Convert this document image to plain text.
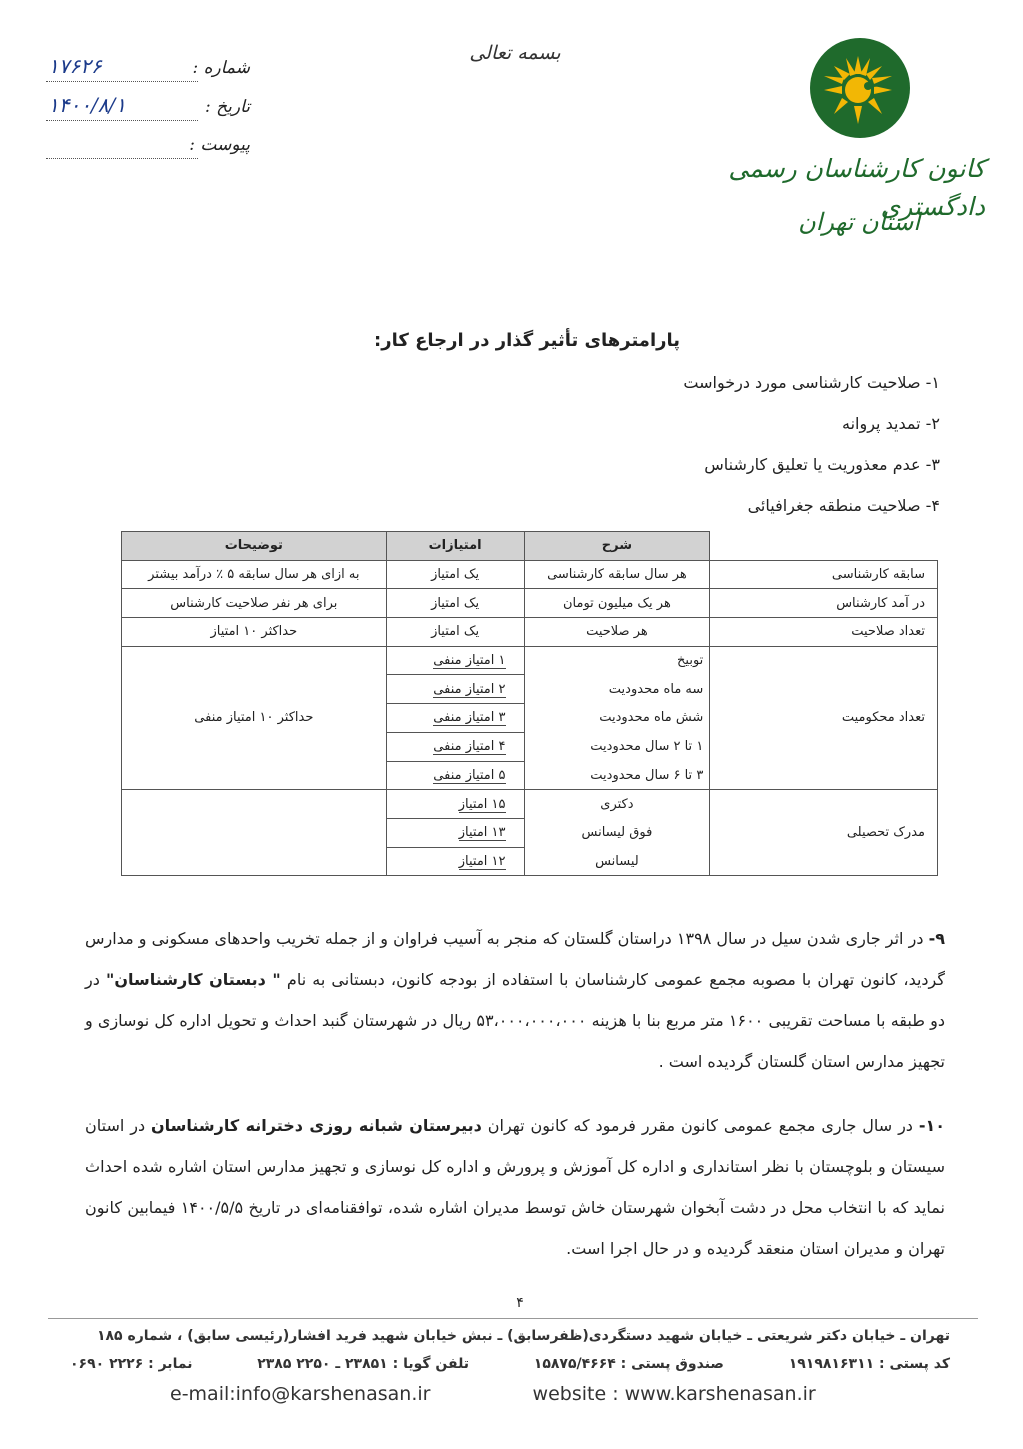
کانون کارشناسان رسمی دادگستری
استان تهران
بسمه تعالی
شماره :
۱۷۶۲۶
تاریخ :
۱۴۰۰/۸/۱
پیوست :
پارامترهای تأثیر گذار در ارجاع کار:
۱- صلاحیت کارشناسی مورد درخواست
۲- تمدید پروانه
۳- عدم معذوریت یا تعلیق کارشناس
۴- صلاحیت منطقه جغرافیائی
	شرح	امتیازات	توضیحات
سابقه کارشناسی	هر سال سابقه کارشناسی	یک امتیاز	به ازای هر سال سابقه ۵ ٪ درآمد بیشتر
در آمد کارشناس	هر یک میلیون تومان	یک امتیاز	برای هر نفر صلاحیت کارشناس
تعداد صلاحیت	هر صلاحیت	یک امتیاز	حداکثر ۱۰ امتیاز
تعداد محکومیت	توبیخ	۱ امتیاز منفی	حداکثر ۱۰ امتیاز منفی
	سه ماه محدودیت	۲ امتیاز منفی	
	شش ماه محدودیت	۳ امتیاز منفی	
	۱ تا ۲ سال محدودیت	۴ امتیاز منفی	
	۳ تا ۶ سال محدودیت	۵ امتیاز منفی	
مدرک تحصیلی	دکتری	۱۵ امتیاز	
	فوق لیسانس	۱۳ امتیاز	
	لیسانس	۱۲ امتیاز	

۹- در اثر جاری شدن سیل در سال ۱۳۹۸ دراستان گلستان که منجر به آسیب فراوان و از جمله تخریب واحدهای مسکونی و مدارس گردید، کانون تهران با مصوبه مجمع عمومی کارشناسان با استفاده از بودجه کانون، دبستانی به نام " دبستان کارشناسان" در دو طبقه با مساحت تقریبی ۱۶۰۰ متر مربع بنا با هزینه ۵۳،۰۰۰،۰۰۰،۰۰۰ ریال در شهرستان گنبد احداث و تحویل اداره کل نوسازی و تجهیز مدارس استان گلستان گردیده است .

۱۰- در سال جاری مجمع عمومی کانون مقرر فرمود که کانون تهران دبیرستان شبانه روزی دخترانه کارشناسان در استان سیستان و بلوچستان با نظر استانداری و اداره کل آموزش و پرورش و اداره کل نوسازی و تجهیز مدارس استان اشاره شده احداث نماید که با انتخاب محل در دشت آبخوان شهرستان خاش توسط مدیران اشاره شده، توافقنامه‌ای در تاریخ ۱۴۰۰/۵/۵ فیمابین کانون تهران و مدیران استان منعقد گردیده و در حال اجرا است.

۴
تهران ـ خیابان دکتر شریعتی ـ خیابان شهید دستگردی(ظفرسابق) ـ نبش خیابان شهید فرید افشار(رئیسی سابق) ، شماره ۱۸۵
کد پستی : ۱۹۱۹۸۱۶۳۱۱
صندوق پستی : ۱۵۸۷۵/۴۶۶۴
تلفن گویا : ۲۳۸۵۱ ـ ۲۲۵۰ ۲۳۸۵
نمابر : ۲۲۲۶ ۰۶۹۰
e-mail:info@karshenasan.ir	website : www.karshenasan.ir
